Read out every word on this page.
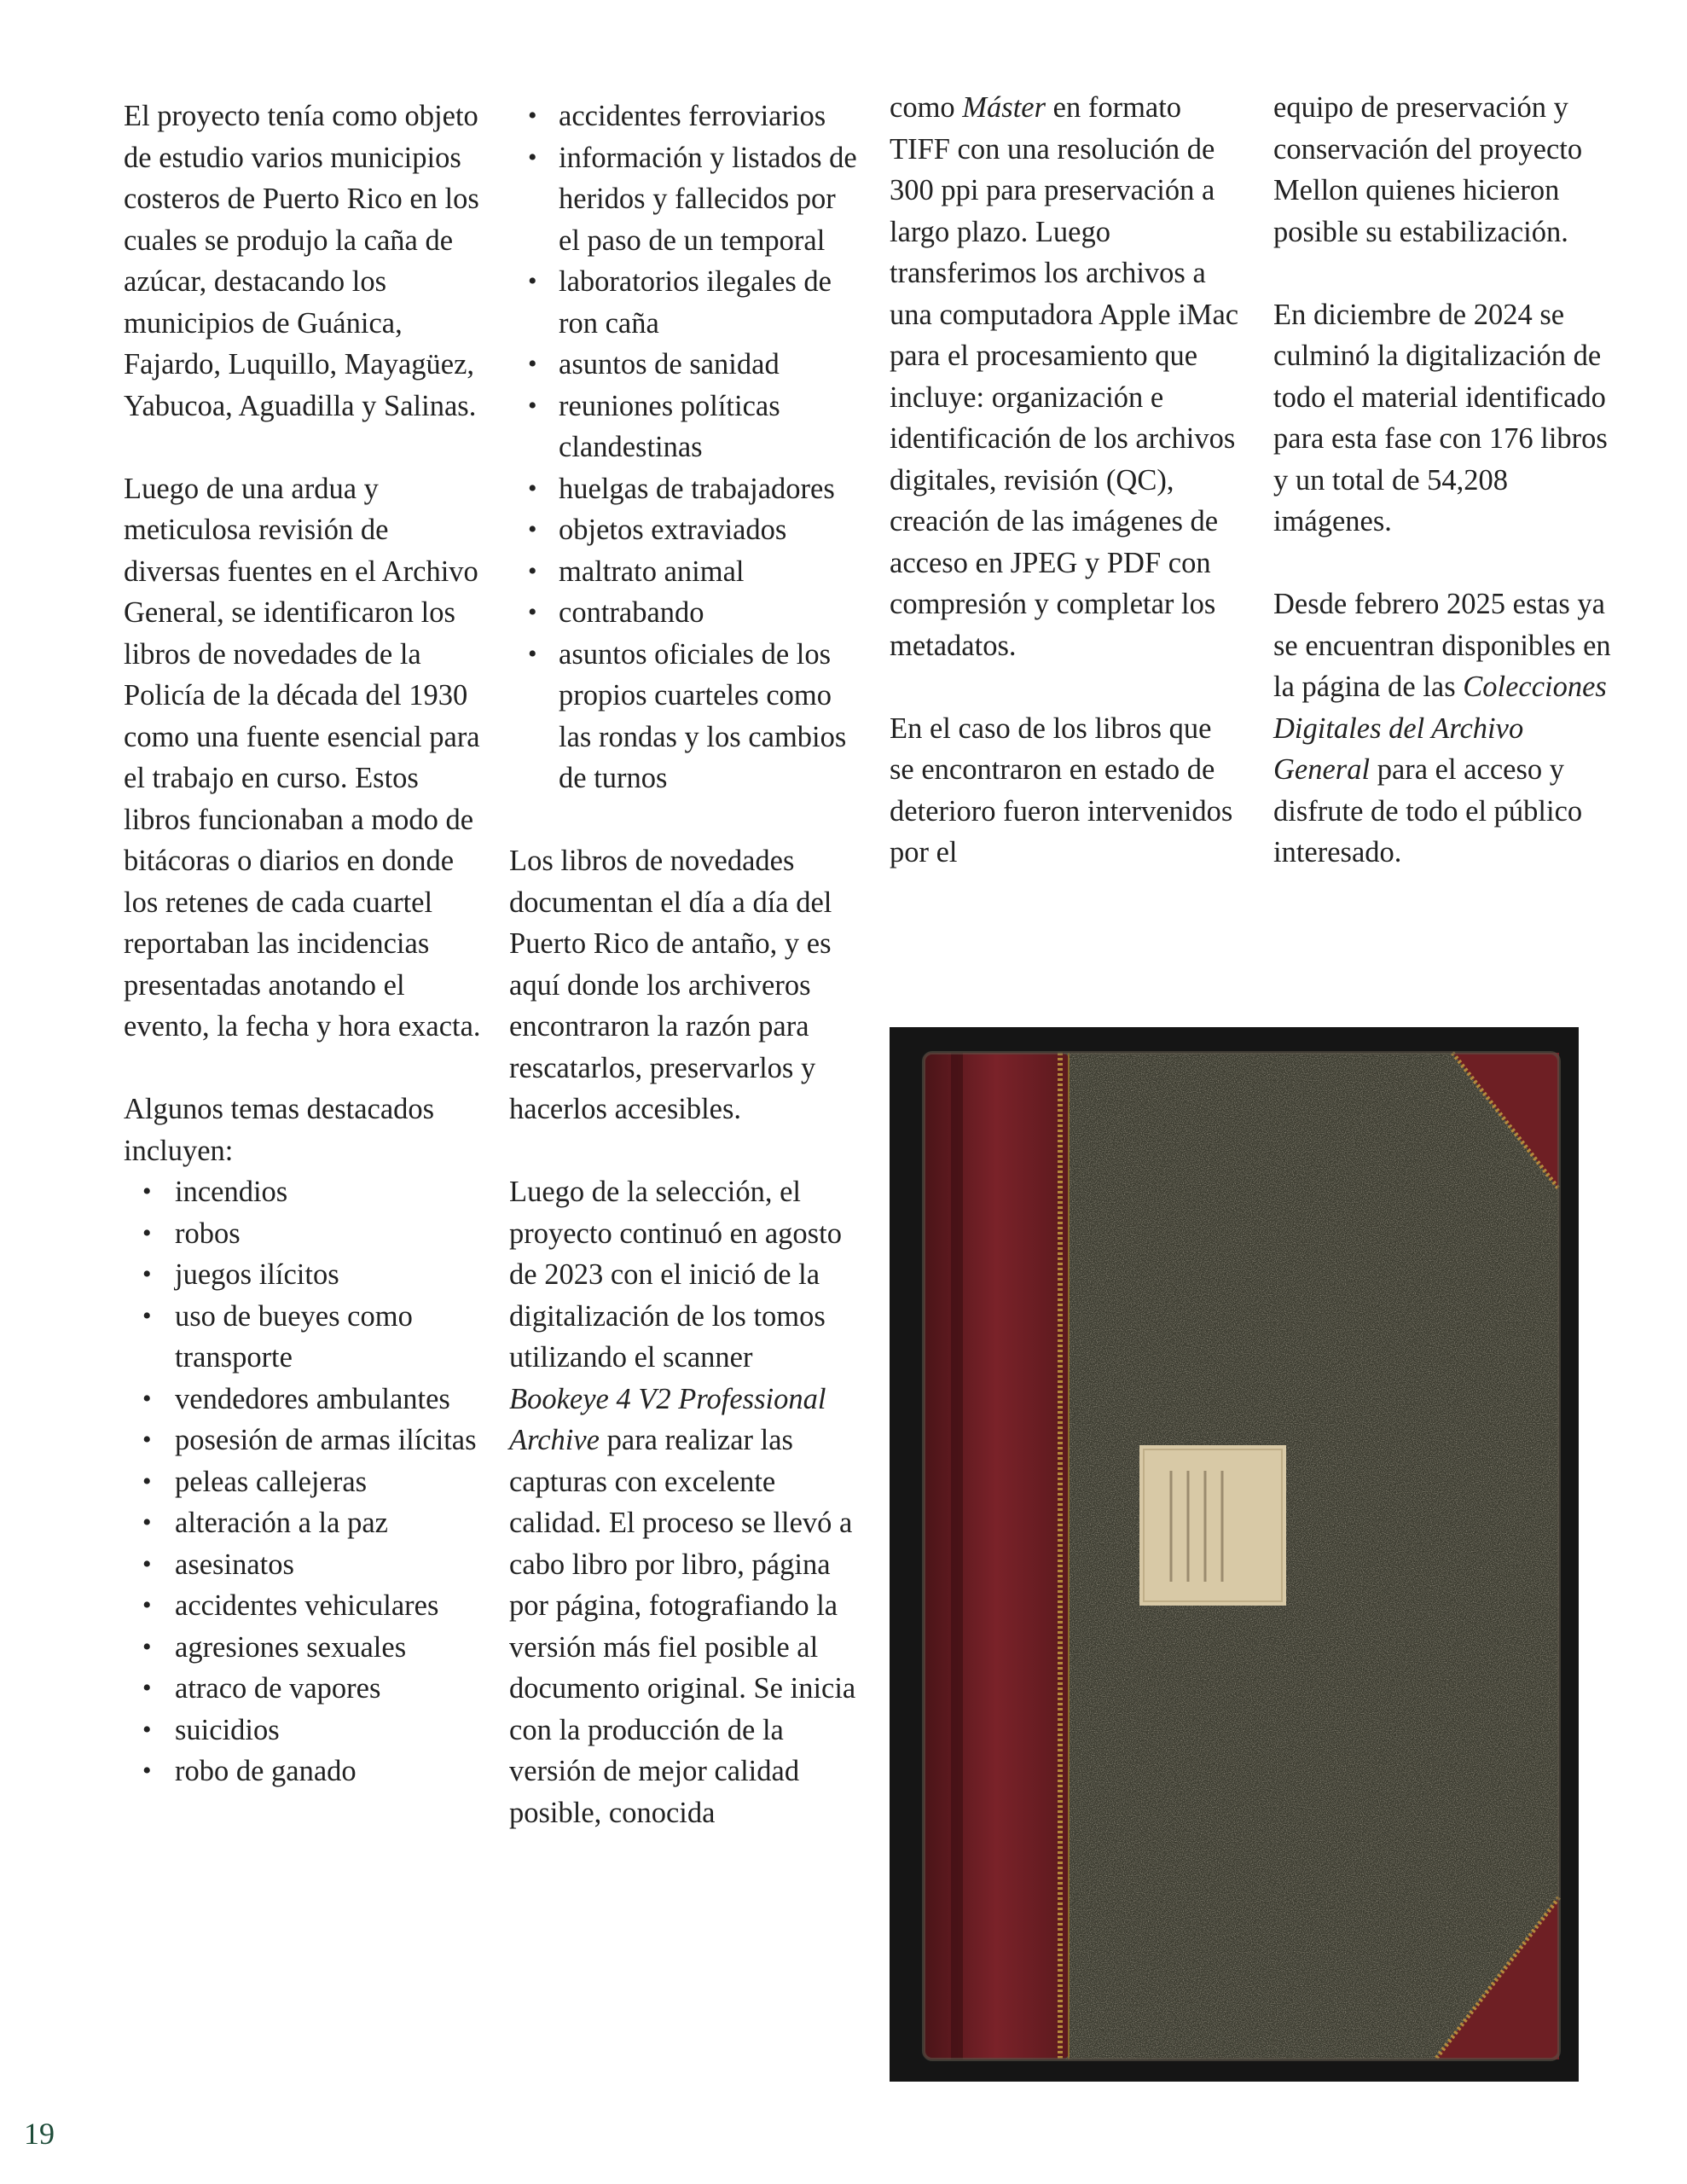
El proyecto tenía como objeto de estudio varios municipios costeros de Puerto Rico en los cuales se produjo la caña de azúcar, destacando los municipios de Guánica, Fajardo, Luquillo, Mayagüez, Yabucoa, Aguadilla y Salinas.

Luego de una ardua y meticulosa revisión de diversas fuentes en el Archivo General, se identificaron los libros de novedades de la Policía de la década del 1930 como una fuente esencial para el trabajo en curso. Estos libros funcionaban a modo de bitácoras o diarios en donde los retenes de cada cuartel reportaban las incidencias presentadas anotando el evento, la fecha y hora exacta.

Algunos temas destacados incluyen:

• incendios
• robos
• juegos ilícitos
• uso de bueyes como transporte
• vendedores ambulantes
• posesión de armas ilícitas
• peleas callejeras
• alteración a la paz
• asesinatos
• accidentes vehiculares
• agresiones sexuales
• atraco de vapores
• suicidios
• robo de ganado
• accidentes ferroviarios
• información y listados de heridos y fallecidos por el paso de un temporal
• laboratorios ilegales de ron caña
• asuntos de sanidad
• reuniones políticas clandestinas
• huelgas de trabajadores
• objetos extraviados
• maltrato animal
• contrabando
• asuntos oficiales de los propios cuarteles como las rondas y los cambios de turnos

Los libros de novedades documentan el día a día del Puerto Rico de antaño, y es aquí donde los archiveros encontraron la razón para rescatarlos, preservarlos y hacerlos accesibles.

Luego de la selección, el proyecto continuó en agosto de 2023 con el inició de la digitalización de los tomos utilizando el scanner Bookeye 4 V2 Professional Archive para realizar las capturas con excelente calidad. El proceso se llevó a cabo libro por libro, página por página, fotografiando la versión más fiel posible al documento original. Se inicia con la producción de la versión de mejor calidad posible, conocida

como Máster en formato TIFF con una resolución de 300 ppi para preservación a largo plazo. Luego transferimos los archivos a una computadora Apple iMac para el procesamiento que incluye: organización e identificación de los archivos digitales, revisión (QC), creación de las imágenes de acceso en JPEG y PDF con compresión y completar los metadatos.

En el caso de los libros que se encontraron en estado de deterioro fueron intervenidos por el

equipo de preservación y conservación del proyecto Mellon quienes hicieron posible su estabilización.

En diciembre de 2024 se culminó la digitalización de todo el material identificado para esta fase con 176 libros y un total de 54,208 imágenes.

Desde febrero 2025 estas ya se encuentran disponibles en la página de las Colecciones Digitales del Archivo General para el acceso y disfrute de todo el público interesado.

19
